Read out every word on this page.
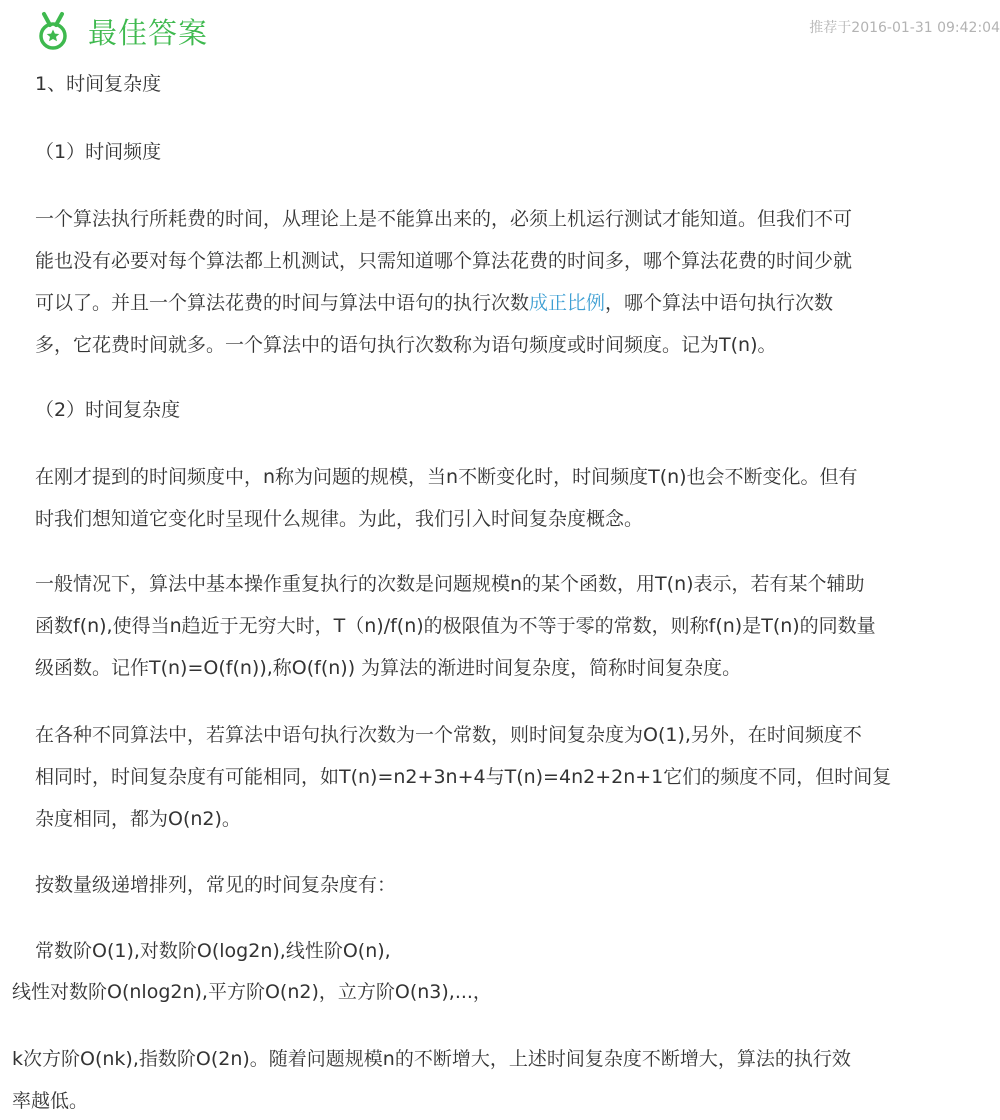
最佳答案	推荐于2016-01-31 09:42:04
1、时间复杂度
（1）时间频度
一个算法执行所耗费的时间，从理论上是不能算出来的，必须上机运行测试才能知道。但我们不可
能也没有必要对每个算法都上机测试，只需知道哪个算法花费的时间多，哪个算法花费的时间少就
可以了。并且一个算法花费的时间与算法中语句的执行次数成正比例，哪个算法中语句执行次数
多，它花费时间就多。一个算法中的语句执行次数称为语句频度或时间频度。记为T(n)。
（2）时间复杂度
在刚才提到的时间频度中，n称为问题的规模，当n不断变化时，时间频度T(n)也会不断变化。但有
时我们想知道它变化时呈现什么规律。为此，我们引入时间复杂度概念。
一般情况下，算法中基本操作重复执行的次数是问题规模n的某个函数，用T(n)表示，若有某个辅助
函数f(n),使得当n趋近于无穷大时，T（n)/f(n)的极限值为不等于零的常数，则称f(n)是T(n)的同数量
级函数。记作T(n)=O(f(n)),称O(f(n)) 为算法的渐进时间复杂度，简称时间复杂度。
在各种不同算法中，若算法中语句执行次数为一个常数，则时间复杂度为O(1),另外，在时间频度不
相同时，时间复杂度有可能相同，如T(n)=n2+3n+4与T(n)=4n2+2n+1它们的频度不同，但时间复
杂度相同，都为O(n2)。
按数量级递增排列，常见的时间复杂度有：
常数阶O(1),对数阶O(log2n),线性阶O(n),
线性对数阶O(nlog2n),平方阶O(n2)，立方阶O(n3),...，
k次方阶O(nk),指数阶O(2n)。随着问题规模n的不断增大，上述时间复杂度不断增大，算法的执行效
率越低。
